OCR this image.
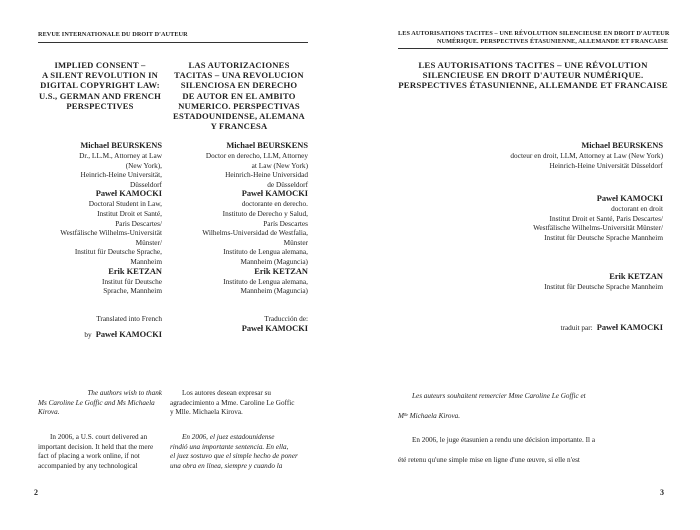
REVUE INTERNATIONALE DU DROIT D'AUTEUR
IMPLIED CONSENT –
A SILENT REVOLUTION IN
DIGITAL COPYRIGHT LAW:
U.S., GERMAN AND FRENCH
PERSPECTIVES
Michael BEURSKENS
Dr., LL.M., Attorney at Law
(New York),
Heinrich-Heine Universität,
Düsseldorf
Paweł KAMOCKI
Doctoral Student in Law,
Institut Droit et Santé,
Paris Descartes/
Westfälische Wilhelms-Universität
Münster/
Institut für Deutsche Sprache,
Mannheim
Erik KETZAN
Institut für Deutsche
Sprache, Mannheim
Translated into French
by Paweł KAMOCKI
The authors wish to thank
Ms Caroline Le Goffic and Ms Michaela
Kirova.
In 2006, a U.S. court delivered an
important decision. It held that the mere
fact of placing a work online, if not
accompanied by any technological
LAS AUTORIZACIONES
TACITAS – UNA REVOLUCION
SILENCIOSA EN DERECHO
DE AUTOR EN EL AMBITO
NUMERICO. PERSPECTIVAS
ESTADOUNIDENSE, ALEMANA
Y FRANCESA
Michael BEURSKENS
Doctor en derecho, LLM, Attorney
at Law (New York)
Heinrich-Heine Universidad
de Düsseldorf
Paweł KAMOCKI
doctorante en derecho.
Instituto de Derecho y Salud,
París Descartes
Wilhelms-Universidad de Westfalia,
Münster
Instituto de Lengua alemana,
Mannheim (Maguncia)
Erik KETZAN
Instituto de Lengua alemana,
Mannheim (Maguncia)
Traducción de:
Paweł KAMOCKI
Los autores desean expresar su
agradecimiento a Mme. Caroline Le Goffic
y Mlle. Michaela Kirova.
En 2006, el juez estadounidense
rindió una importante sentencia. En ella,
el juez sostuvo que el simple hecho de poner
una obra en línea, siempre y cuando la
2
LES AUTORISATIONS TACITES – UNE RÉVOLUTION SILENCIEUSE EN DROIT D'AUTEUR
NUMÉRIQUE. PERSPECTIVES ÉTASUNIENNE, ALLEMANDE ET FRANCAISE
LES AUTORISATIONS TACITES – UNE RÉVOLUTION
SILENCIEUSE EN DROIT D'AUTEUR NUMÉRIQUE.
PERSPECTIVES ÉTASUNIENNE, ALLEMANDE ET FRANCAISE
Michael BEURSKENS
docteur en droit, LLM, Attorney at Law (New York)
Heinrich-Heine Universität Düsseldorf
Paweł KAMOCKI
doctorant en droit
Institut Droit et Santé, Paris Descartes/
Westfälische Wilhelms-Universität Münster/
Institut für Deutsche Sprache Mannheim
Erik KETZAN
Institut für Deutsche Sprache Mannheim
traduit par: Paweł KAMOCKI
Les auteurs souhaitent remercier Mme Caroline Le Goffic et
Mˡˡᵉ Michaela Kirova.
En 2006, le juge étasunien a rendu une décision importante. Il a
été retenu qu'une simple mise en ligne d'une œuvre, si elle n'est
3
